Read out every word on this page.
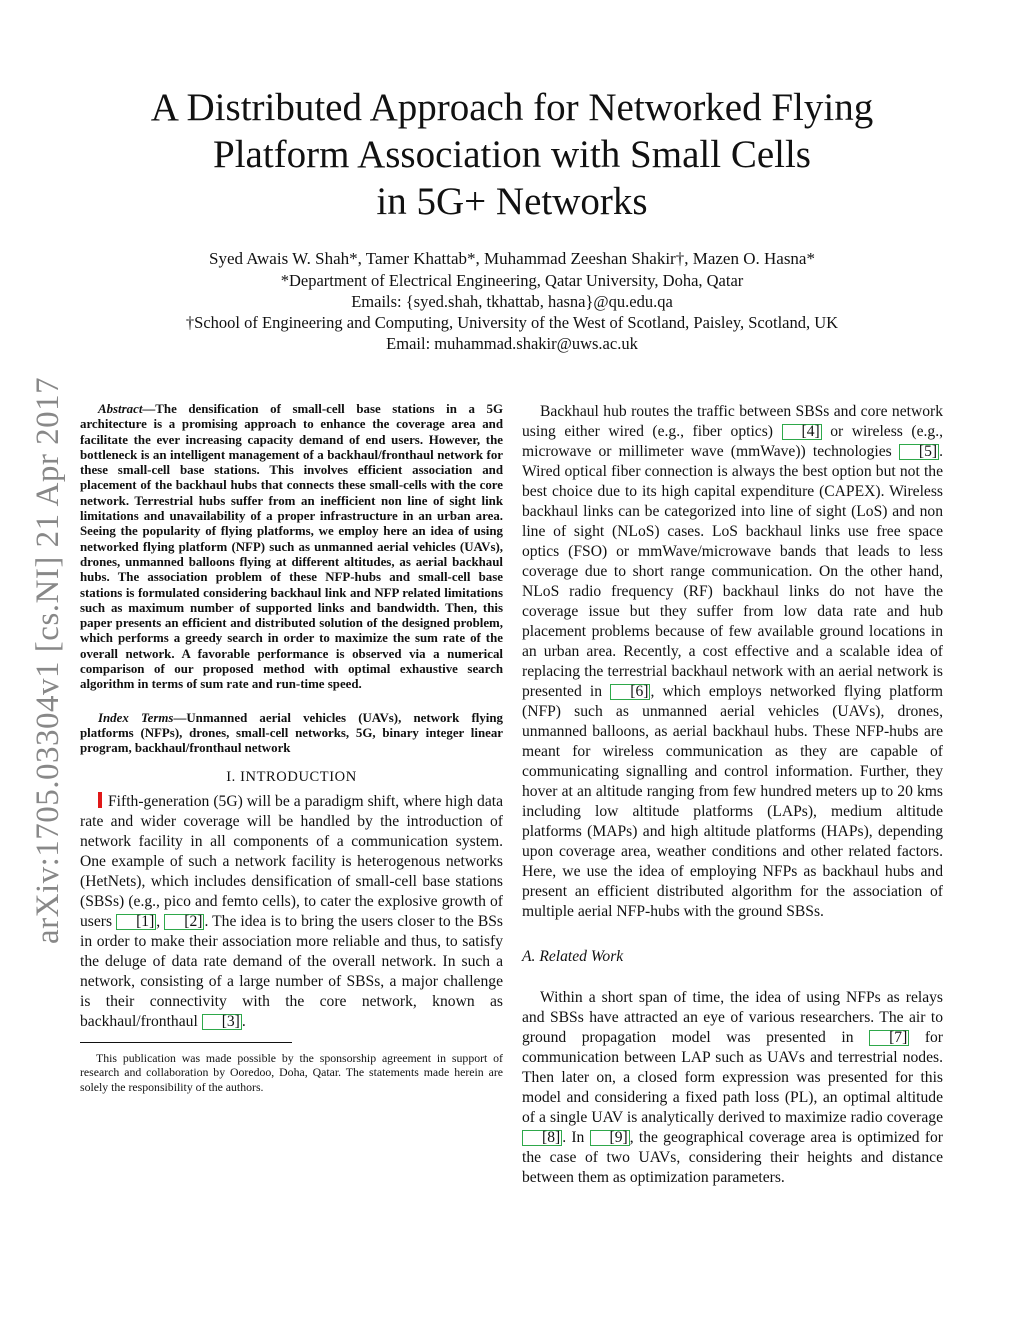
A Distributed Approach for Networked Flying
Platform Association with Small Cells
in 5G+ Networks
Syed Awais W. Shah*, Tamer Khattab*, Muhammad Zeeshan Shakir†, Mazen O. Hasna*
*Department of Electrical Engineering, Qatar University, Doha, Qatar
Emails: {syed.shah, tkhattab, hasna}@qu.edu.qa
†School of Engineering and Computing, University of the West of Scotland, Paisley, Scotland, UK
Email: muhammad.shakir@uws.ac.uk
arXiv:1705.03304v1 [cs.NI] 21 Apr 2017	Abstract—The densification of small-cell base stations in a 5G architecture is a promising approach to enhance the coverage area and facilitate the ever increasing capacity demand of end users. However, the bottleneck is an intelligent management of a backhaul/fronthaul network for these small-cell base stations. This involves efficient association and placement of the backhaul hubs that connects these small-cells with the core network. Terrestrial hubs suffer from an inefficient non line of sight link limitations and unavailability of a proper infrastructure in an urban area. Seeing the popularity of flying platforms, we employ here an idea of using networked flying platform (NFP) such as unmanned aerial vehicles (UAVs), drones, unmanned balloons flying at different altitudes, as aerial backhaul hubs. The association problem of these NFP-hubs and small-cell base stations is formulated considering backhaul link and NFP related limitations such as maximum number of supported links and bandwidth. Then, this paper presents an efficient and distributed solution of the designed problem, which performs a greedy search in order to maximize the sum rate of the overall network. A favorable performance is observed via a numerical comparison of our proposed method with optimal exhaustive search algorithm in terms of sum rate and run-time speed.

Index Terms—Unmanned aerial vehicles (UAVs), network flying platforms (NFPs), drones, small-cell networks, 5G, binary integer linear program, backhaul/fronthaul network

I. INTRODUCTION

Fifth-generation (5G) will be a paradigm shift, where high data rate and wider coverage will be handled by the introduction of network facility in all components of a communication system. One example of such a network facility is heterogenous networks (HetNets), which includes densification of small-cell base stations (SBSs) (e.g., pico and femto cells), to cater the explosive growth of users [1] , [2] . The idea is to bring the users closer to the BSs in order to make their association more reliable and thus, to satisfy the deluge of data rate demand of the overall network. In such a network, consisting of a large number of SBSs, a major challenge is their connectivity with the core network, known as backhaul/fronthaul [3] .

This publication was made possible by the sponsorship agreement in support of research and collaboration by Ooredoo, Doha, Qatar. The statements made herein are solely the responsibility of the authors.

Backhaul hub routes the traffic between SBSs and core network using either wired (e.g., fiber optics) [4] or wireless (e.g., microwave or millimeter wave (mmWave)) technologies [5] . Wired optical fiber connection is always the best option but not the best choice due to its high capital expenditure (CAPEX). Wireless backhaul links can be categorized into line of sight (LoS) and non line of sight (NLoS) cases. LoS backhaul links use free space optics (FSO) or mmWave/microwave bands that leads to less coverage due to short range communication. On the other hand, NLoS radio frequency (RF) backhaul links do not have the coverage issue but they suffer from low data rate and hub placement problems because of few available ground locations in an urban area. Recently, a cost effective and a scalable idea of replacing the terrestrial backhaul network with an aerial network is presented in [6] , which employs networked flying platform (NFP) such as unmanned aerial vehicles (UAVs), drones, unmanned balloons, as aerial backhaul hubs. These NFP-hubs are meant for wireless communication as they are capable of communicating signalling and control information. Further, they hover at an altitude ranging from few hundred meters up to 20 kms including low altitude platforms (LAPs), medium altitude platforms (MAPs) and high altitude platforms (HAPs), depending upon coverage area, weather conditions and other related factors. Here, we use the idea of employing NFPs as backhaul hubs and present an efficient distributed algorithm for the association of multiple aerial NFP-hubs with the ground SBSs.

A. Related Work

Within a short span of time, the idea of using NFPs as relays and SBSs have attracted an eye of various researchers. The air to ground propagation model was presented in [7] for communication between LAP such as UAVs and terrestrial nodes. Then later on, a closed form expression was presented for this model and considering a fixed path loss (PL), an optimal altitude of a single UAV is analytically derived to maximize radio coverage [8] . In [9] , the geographical coverage area is optimized for the case of two UAVs, considering their heights and distance between them as optimization parameters.
